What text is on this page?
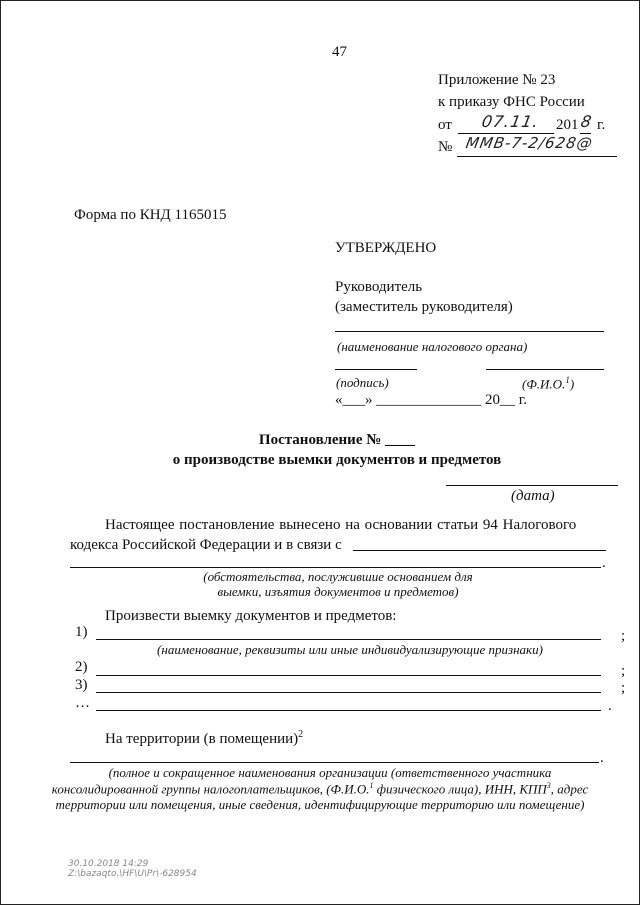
47
Приложение № 23
к приказу ФНС России
от 07.11. 201 8 г.
№ ММВ-7-2/628@
Форма по КНД 1165015
УТВЕРЖДЕНО
Руководитель
(заместитель руководителя)
(наименование налогового органа)
(подпись)	(Ф.И.О.$^1$)
«___» ______________ 20__ г.
Постановление № ____
о производстве выемки документов и предметов
(дата)
Настоящее постановление вынесено на основании статьи 94 Налогового
кодекса Российской Федерации и в связи с
.
(обстоятельства, послужившие основанием для
выемки, изъятия документов и предметов)
Произвести выемку документов и предметов:
1)	;
(наименование, реквизиты или иные индивидуализирующие признаки)
2)	;
3)	;
…	.
На территории (в помещении)$^2$
.
(полное и сокращенное наименования организации (ответственного участника
консолидированной группы налогоплательщиков, (Ф.И.О.$^1$ физического лица), ИНН, КПП$^3$, адрес
территории или помещения, иные сведения, идентифицирующие территорию или помещение)
30.10.2018 14:29
Z:\bazaqto.\HF\U\Pr\-628954
